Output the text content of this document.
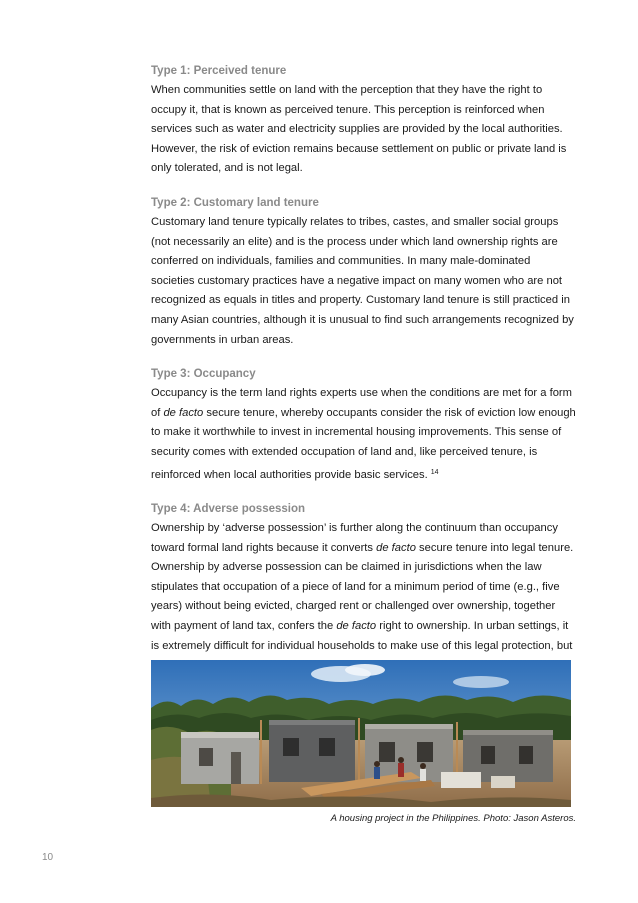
Type 1: Perceived tenure

When communities settle on land with the perception that they have the right to occupy it, that is known as perceived tenure. This perception is reinforced when services such as water and electricity supplies are provided by the local authorities. However, the risk of eviction remains because settlement on public or private land is only tolerated, and is not legal.

Type 2: Customary land tenure

Customary land tenure typically relates to tribes, castes, and smaller social groups (not necessarily an elite) and is the process under which land ownership rights are conferred on individuals, families and communities. In many male-dominated societies customary practices have a negative impact on many women who are not recognized as equals in titles and property. Customary land tenure is still practiced in many Asian countries, although it is unusual to find such arrangements recognized by governments in urban areas.

Type 3: Occupancy

Occupancy is the term land rights experts use when the conditions are met for a form of de facto secure tenure, whereby occupants consider the risk of eviction low enough to make it worthwhile to invest in incremental housing improvements. This sense of security comes with extended occupation of land and, like perceived tenure, is reinforced when local authorities provide basic services. $^{14}$

Type 4: Adverse possession

Ownership by ‘adverse possession’ is further along the continuum than occupancy toward formal land rights because it converts de facto secure tenure into legal tenure. Ownership by adverse possession can be claimed in jurisdictions when the law stipulates that occupation of a piece of land for a minimum period of time (e.g., five years) without being evicted, charged rent or challenged over ownership, together with payment of land tax, confers the de facto right to ownership. In urban settings, it is extremely difficult for individual households to make use of this legal protection, but

A housing project in the Philippines. Photo: Jason Asteros.
10
